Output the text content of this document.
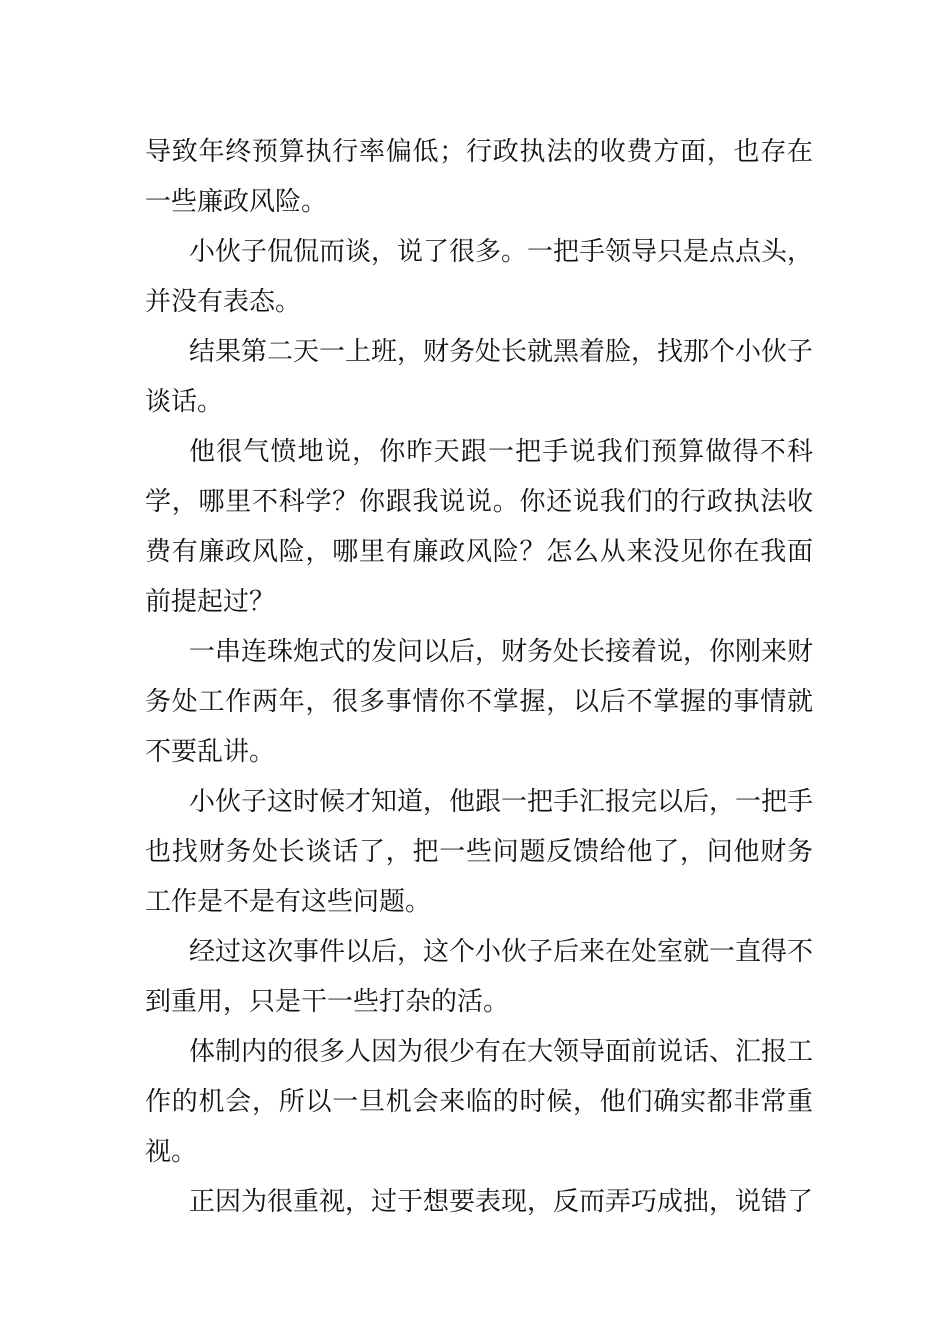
导致年终预算执行率偏低；行政执法的收费方面，也存在一些廉政风险。

小伙子侃侃而谈，说了很多。一把手领导只是点点头，并没有表态。

结果第二天一上班，财务处长就黑着脸，找那个小伙子谈话。

他很气愤地说，你昨天跟一把手说我们预算做得不科学，哪里不科学？你跟我说说。你还说我们的行政执法收费有廉政风险，哪里有廉政风险？怎么从来没见你在我面前提起过？

一串连珠炮式的发问以后，财务处长接着说，你刚来财务处工作两年，很多事情你不掌握，以后不掌握的事情就不要乱讲。

小伙子这时候才知道，他跟一把手汇报完以后，一把手也找财务处长谈话了，把一些问题反馈给他了，问他财务工作是不是有这些问题。

经过这次事件以后，这个小伙子后来在处室就一直得不到重用，只是干一些打杂的活。

体制内的很多人因为很少有在大领导面前说话、汇报工作的机会，所以一旦机会来临的时候，他们确实都非常重视。

正因为很重视，过于想要表现，反而弄巧成拙，说错了
